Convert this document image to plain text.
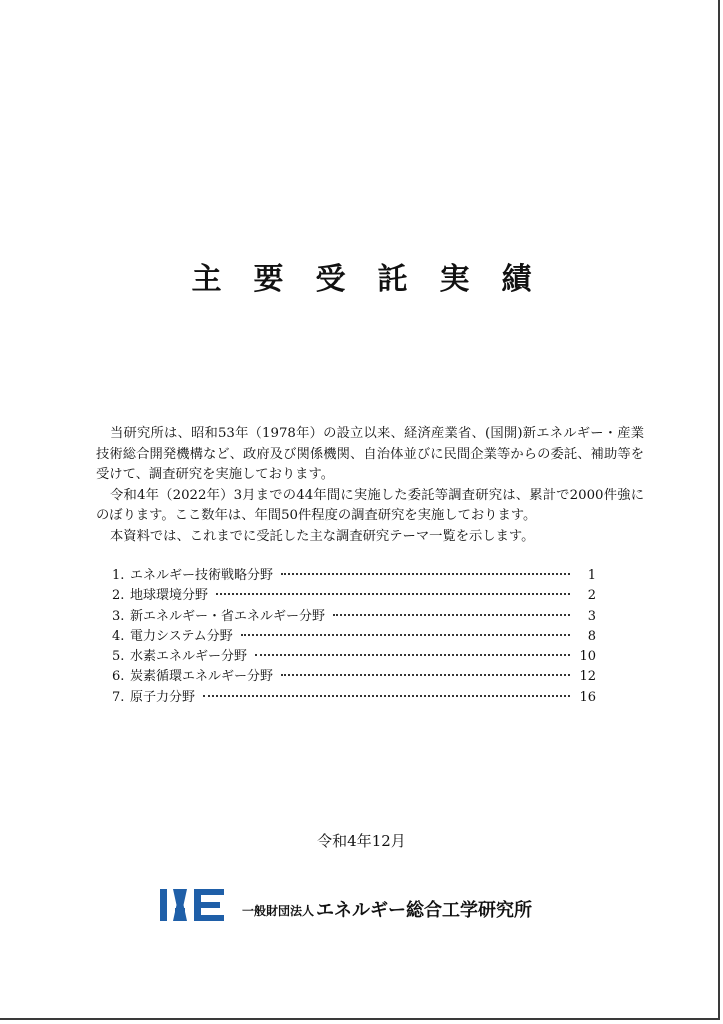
主要受託実績

当研究所は、昭和53年（1978年）の設立以来、経済産業省、(国開)新エネルギー・産業技術総合開発機構など、政府及び関係機関、自治体並びに民間企業等からの委託、補助等を受けて、調査研究を実施しております。

令和4年（2022年）3月までの44年間に実施した委託等調査研究は、累計で2000件強にのぼります。ここ数年は、年間50件程度の調査研究を実施しております。

本資料では、これまでに受託した主な調査研究テーマ一覧を示します。

1. エネルギー技術戦略分野	1
2. 地球環境分野	2
3. 新エネルギー・省エネルギー分野	3
4. 電力システム分野	8
5. 水素エネルギー分野	10
6. 炭素循環エネルギー分野	12
7. 原子力分野	16
令和4年12月
一般財団法人 エネルギー総合工学研究所
